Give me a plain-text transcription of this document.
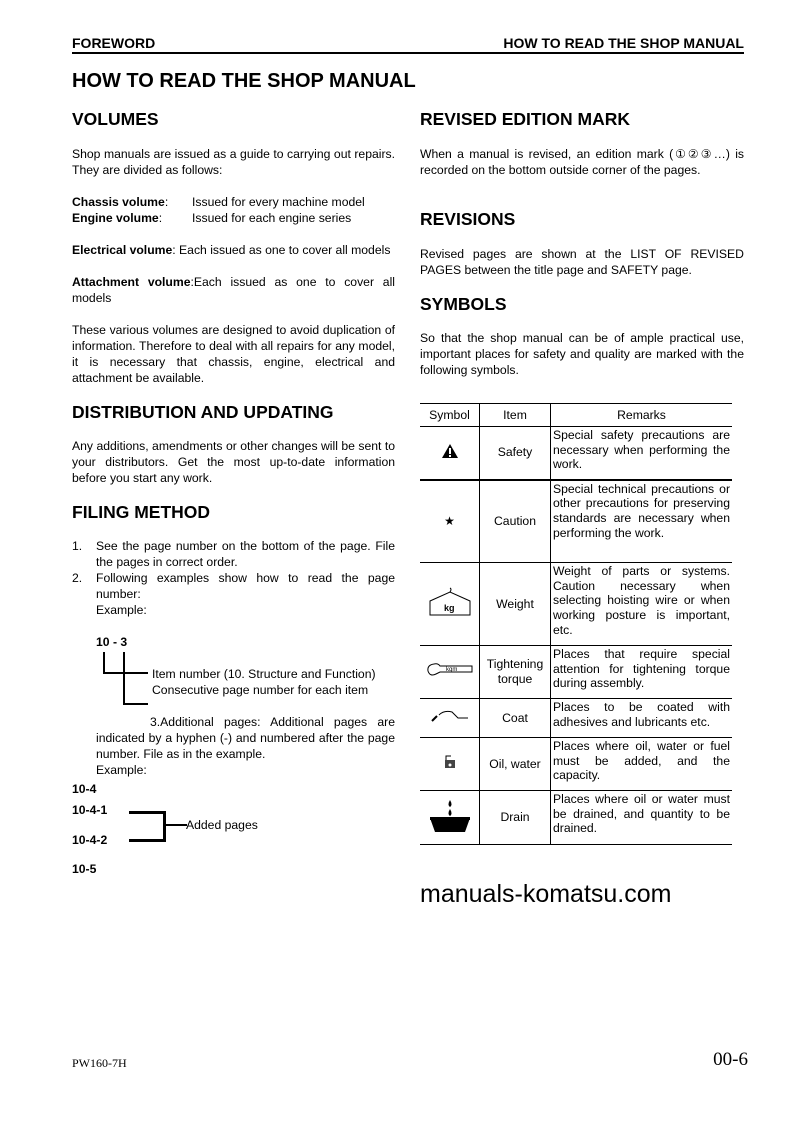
FOREWORD	HOW TO READ THE SHOP MANUAL
HOW TO READ THE SHOP MANUAL
VOLUMES
Shop manuals are issued as a guide to carrying out repairs. They are divided as follows:
Chassis volume: Issued for every machine model
Engine volume: Issued for each engine series
Electrical volume: Each issued as one to cover all models
Attachment volume:Each issued as one to cover all models
These various volumes are designed to avoid duplication of information. Therefore to deal with all repairs for any model, it is necessary that chassis, engine, electrical and attachment be available.
DISTRIBUTION AND UPDATING
Any additions, amendments or other changes will be sent to your distributors. Get the most up-to-date information before you start any work.
FILING METHOD
1. See the page number on the bottom of the page. File the pages in correct order.
2. Following examples show how to read the page number:
Example:
10 - 3
Item number (10. Structure and Function)
Consecutive page number for each item
3.Additional pages: Additional pages are indicated by a hyphen (-) and numbered after the page number. File as in the example.
Example:
10-4
10-4-1
10-4-2
10-5
Added pages
REVISED EDITION MARK
When a manual is revised, an edition mark (①②③…) is recorded on the bottom outside corner of the pages.
REVISIONS
Revised pages are shown at the LIST OF REVISED PAGES between the title page and SAFETY page.
SYMBOLS
So that the shop manual can be of ample practical use, important places for safety and quality are marked with the following symbols.
Symbol	Item	Remarks
	Safety	Special safety precautions are necessary when performing the work.
★	Caution	Special technical precautions or other precautions for preserving standards are necessary when performing the work.

kg	Weight	Weight of parts or systems. Caution necessary when selecting hoisting wire or when working posture is important, etc.

kgm	Tightening torque	Places that require special attention for tightening torque during assembly.
	Coat	Places to be coated with adhesives and lubricants etc.
	Oil, water	Places where oil, water or fuel must be added, and the capacity.
	Drain	Places where oil or water must be drained, and quantity to be drained.
manuals-komatsu.com
PW160-7H	00-6
